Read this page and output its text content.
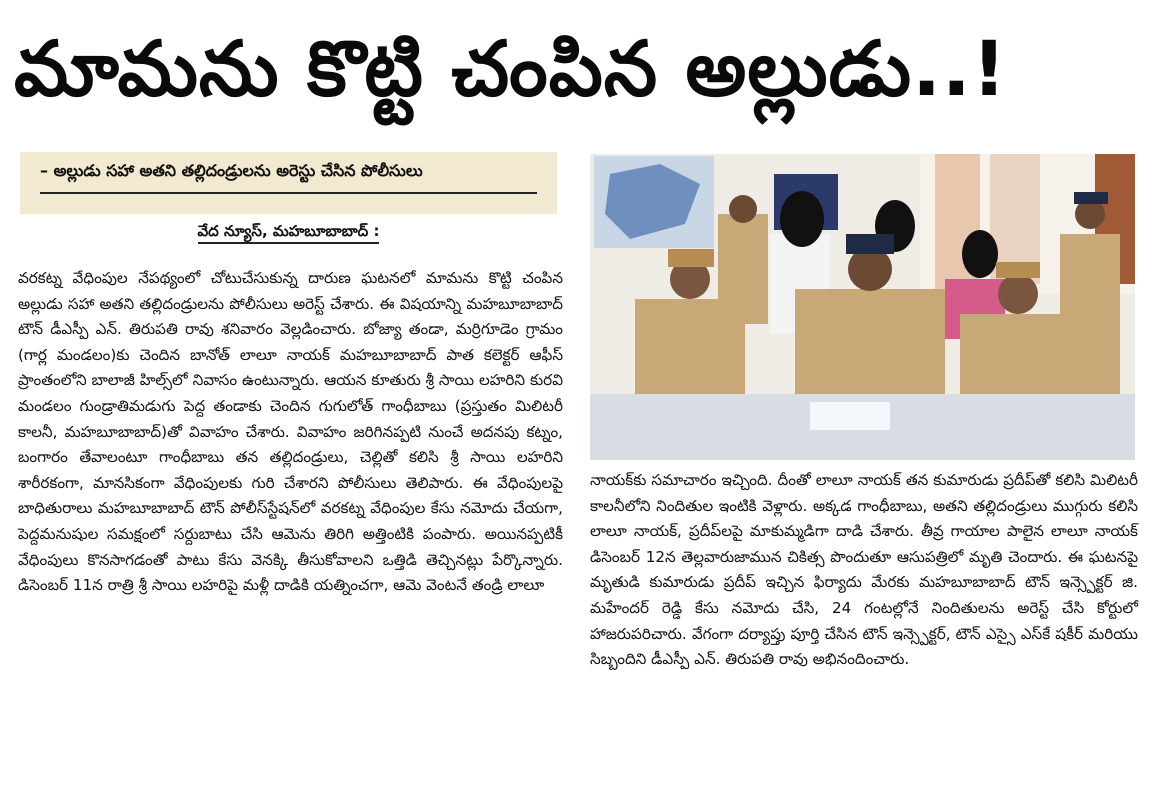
మామను కొట్టి చంపిన అల్లుడు..!
– అల్లుడు సహా అతని తల్లిదండ్రులను అరెస్టు చేసిన పోలీసులు
వేద న్యూస్, మహబూబాబాద్ :
వరకట్న వేధింపుల నేపథ్యంలో చోటుచేసుకున్న దారుణ ఘటనలో మామను కొట్టి చంపిన అల్లుడు సహా అతని తల్లిదండ్రులను పోలీసులు అరెస్ట్ చేశారు. ఈ విషయాన్ని మహబూబాబాద్ టౌన్ డీఎస్పీ ఎన్. తిరుపతి రావు శనివారం వెల్లడించారు. బోజ్యా తండా, మర్రిగూడెం గ్రామం (గార్ల మండలం)కు చెందిన బానోత్ లాలూ నాయక్ మహబూబాబాద్ పాత కలెక్టర్ ఆఫీస్ ప్రాంతంలోని బాలాజీ హిల్స్‌లో నివాసం ఉంటున్నారు. ఆయన కూతురు శ్రీ సాయి లహరిని కురవి మండలం గుండ్రాతిమడుగు పెద్ద తండాకు చెందిన గుగులోత్ గాంధీబాబు (ప్రస్తుతం మిలిటరీ కాలనీ, మహబూబాబాద్)తో వివాహం చేశారు. వివాహం జరిగినప్పటి నుంచే అదనపు కట్నం, బంగారం తేవాలంటూ గాంధీబాబు తన తల్లిదండ్రులు, చెల్లితో కలిసి శ్రీ సాయి లహరిని శారీరకంగా, మానసికంగా వేధింపులకు గురి చేశారని పోలీసులు తెలిపారు. ఈ వేధింపులపై బాధితురాలు మహబూబాబాద్ టౌన్ పోలీస్‌స్టేషన్‌లో వరకట్న వేధింపుల కేసు నమోదు చేయగా, పెద్దమనుషుల సమక్షంలో సర్దుబాటు చేసి ఆమెను తిరిగి అత్తింటికి పంపారు. అయినప్పటికీ వేధింపులు కొనసాగడంతో పాటు కేసు వెనక్కి తీసుకోవాలని ఒత్తిడి తెచ్చినట్లు పేర్కొన్నారు. డిసెంబర్ 11న రాత్రి శ్రీ సాయి లహరిపై మళ్లీ దాడికి యత్నించగా, ఆమె వెంటనే తండ్రి లాలూ
నాయక్‌కు సమాచారం ఇచ్చింది. దీంతో లాలూ నాయక్ తన కుమారుడు ప్రదీప్‌తో కలిసి మిలిటరీ కాలనీలోని నిందితుల ఇంటికి వెళ్లారు. అక్కడ గాంధీబాబు, అతని తల్లిదండ్రులు ముగ్గురు కలిసి లాలూ నాయక్, ప్రదీప్‌లపై మాకుమ్మడిగా దాడి చేశారు. తీవ్ర గాయాల పాలైన లాలూ నాయక్ డిసెంబర్ 12న తెల్లవారుజామున చికిత్స పొందుతూ ఆసుపత్రిలో మృతి చెందారు. ఈ ఘటనపై మృతుడి కుమారుడు ప్రదీప్ ఇచ్చిన ఫిర్యాదు మేరకు మహబూబాబాద్ టౌన్ ఇన్స్పెక్టర్ జి. మహేందర్ రెడ్డి కేసు నమోదు చేసి, 24 గంటల్లోనే నిందితులను అరెస్ట్ చేసి కోర్టులో హాజరుపరిచారు. వేగంగా దర్యాప్తు పూర్తి చేసిన టౌన్ ఇన్స్పెక్టర్, టౌన్ ఎస్సై ఎస్‌కే షకీర్ మరియు సిబ్బందిని డీఎస్పీ ఎన్. తిరుపతి రావు అభినందించారు.
